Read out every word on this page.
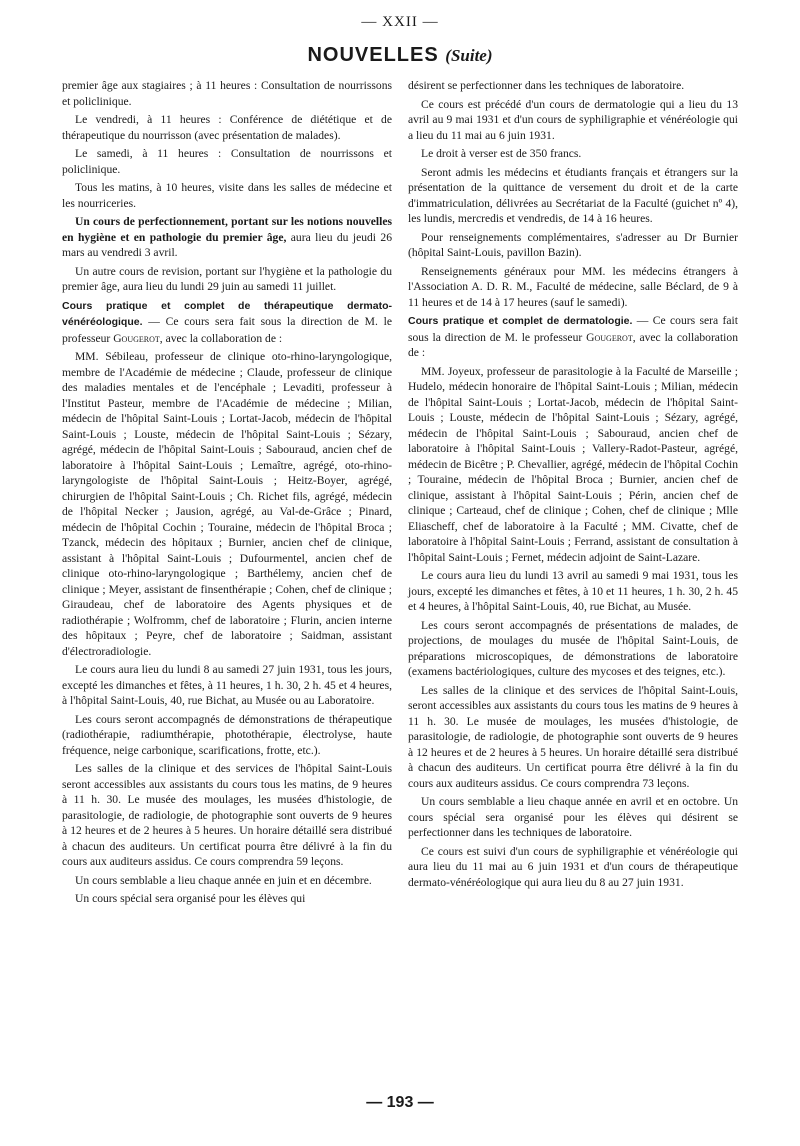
— XXII —
NOUVELLES (Suite)

premier âge aux stagiaires ; à 11 heures : Consultation de nourrissons et policlinique.

Le vendredi, à 11 heures : Conférence de diététique et de thérapeutique du nourrisson (avec présentation de malades).

Le samedi, à 11 heures : Consultation de nourrissons et policlinique.

Tous les matins, à 10 heures, visite dans les salles de médecine et les nourriceries.

Un cours de perfectionnement, portant sur les notions nouvelles en hygiène et en pathologie du premier âge, aura lieu du jeudi 26 mars au vendredi 3 avril.

Un autre cours de revision, portant sur l'hygiène et la pathologie du premier âge, aura lieu du lundi 29 juin au samedi 11 juillet.

Cours pratique et complet de thérapeutique dermato-vénéréologique. — Ce cours sera fait sous la direction de M. le professeur Gougerot, avec la collaboration de :

MM. Sébileau, professeur de clinique oto-rhino-laryngologique, membre de l'Académie de médecine ; Claude, professeur de clinique des maladies mentales et de l'encéphale ; Levaditi, professeur à l'Institut Pasteur, membre de l'Académie de médecine ; Milian, médecin de l'hôpital Saint-Louis ; Lortat-Jacob, médecin de l'hôpital Saint-Louis ; Louste, médecin de l'hôpital Saint-Louis ; Sézary, agrégé, médecin de l'hôpital Saint-Louis ; Sabouraud, ancien chef de laboratoire à l'hôpital Saint-Louis ; Lemaître, agrégé, oto-rhino-laryngologiste de l'hôpital Saint-Louis ; Heitz-Boyer, agrégé, chirurgien de l'hôpital Saint-Louis ; Ch. Richet fils, agrégé, médecin de l'hôpital Necker ; Jausion, agrégé, au Val-de-Grâce ; Pinard, médecin de l'hôpital Cochin ; Touraine, médecin de l'hôpital Broca ; Tzanck, médecin des hôpitaux ; Burnier, ancien chef de clinique, assistant à l'hôpital Saint-Louis ; Dufourmentel, ancien chef de clinique oto-rhino-laryngologique ; Barthélemy, ancien chef de clinique ; Meyer, assistant de finsenthérapie ; Cohen, chef de clinique ; Giraudeau, chef de laboratoire des Agents physiques et de radiothérapie ; Wolfromm, chef de laboratoire ; Flurin, ancien interne des hôpitaux ; Peyre, chef de laboratoire ; Saidman, assistant d'électroradiologie.

Le cours aura lieu du lundi 8 au samedi 27 juin 1931, tous les jours, excepté les dimanches et fêtes, à 11 heures, 1 h. 30, 2 h. 45 et 4 heures, à l'hôpital Saint-Louis, 40, rue Bichat, au Musée ou au Laboratoire.

Les cours seront accompagnés de démonstrations de thérapeutique (radiothérapie, radiumthérapie, photothérapie, électrolyse, haute fréquence, neige carbonique, scarifications, frotte, etc.).

Les salles de la clinique et des services de l'hôpital Saint-Louis seront accessibles aux assistants du cours tous les matins, de 9 heures à 11 h. 30. Le musée des moulages, les musées d'histologie, de parasitologie, de radiologie, de photographie sont ouverts de 9 heures à 12 heures et de 2 heures à 5 heures. Un horaire détaillé sera distribué à chacun des auditeurs. Un certificat pourra être délivré à la fin du cours aux auditeurs assidus. Ce cours comprendra 59 leçons.

Un cours semblable a lieu chaque année en juin et en décembre.

Un cours spécial sera organisé pour les élèves qui

désirent se perfectionner dans les techniques de laboratoire.

Ce cours est précédé d'un cours de dermatologie qui a lieu du 13 avril au 9 mai 1931 et d'un cours de syphiligraphie et vénéréologie qui a lieu du 11 mai au 6 juin 1931.

Le droit à verser est de 350 francs.

Seront admis les médecins et étudiants français et étrangers sur la présentation de la quittance de versement du droit et de la carte d'immatriculation, délivrées au Secrétariat de la Faculté (guichet nº 4), les lundis, mercredis et vendredis, de 14 à 16 heures.

Pour renseignements complémentaires, s'adresser au Dr Burnier (hôpital Saint-Louis, pavillon Bazin).

Renseignements généraux pour MM. les médecins étrangers à l'Association A. D. R. M., Faculté de médecine, salle Béclard, de 9 à 11 heures et de 14 à 17 heures (sauf le samedi).

Cours pratique et complet de dermatologie. — Ce cours sera fait sous la direction de M. le professeur Gougerot, avec la collaboration de :

MM. Joyeux, professeur de parasitologie à la Faculté de Marseille ; Hudelo, médecin honoraire de l'hôpital Saint-Louis ; Milian, médecin de l'hôpital Saint-Louis ; Lortat-Jacob, médecin de l'hôpital Saint-Louis ; Louste, médecin de l'hôpital Saint-Louis ; Sézary, agrégé, médecin de l'hôpital Saint-Louis ; Sabouraud, ancien chef de laboratoire à l'hôpital Saint-Louis ; Vallery-Radot-Pasteur, agrégé, médecin de Bicêtre ; P. Chevallier, agrégé, médecin de l'hôpital Cochin ; Touraine, médecin de l'hôpital Broca ; Burnier, ancien chef de clinique, assistant à l'hôpital Saint-Louis ; Périn, ancien chef de clinique ; Carteaud, chef de clinique ; Cohen, chef de clinique ; Mlle Eliascheff, chef de laboratoire à la Faculté ; MM. Civatte, chef de laboratoire à l'hôpital Saint-Louis ; Ferrand, assistant de consultation à l'hôpital Saint-Louis ; Fernet, médecin adjoint de Saint-Lazare.

Le cours aura lieu du lundi 13 avril au samedi 9 mai 1931, tous les jours, excepté les dimanches et fêtes, à 10 et 11 heures, 1 h. 30, 2 h. 45 et 4 heures, à l'hôpital Saint-Louis, 40, rue Bichat, au Musée.

Les cours seront accompagnés de présentations de malades, de projections, de moulages du musée de l'hôpital Saint-Louis, de préparations microscopiques, de démonstrations de laboratoire (examens bactériologiques, culture des mycoses et des teignes, etc.).

Les salles de la clinique et des services de l'hôpital Saint-Louis, seront accessibles aux assistants du cours tous les matins de 9 heures à 11 h. 30. Le musée de moulages, les musées d'histologie, de parasitologie, de radiologie, de photographie sont ouverts de 9 heures à 12 heures et de 2 heures à 5 heures. Un horaire détaillé sera distribué à chacun des auditeurs. Un certificat pourra être délivré à la fin du cours aux auditeurs assidus. Ce cours comprendra 73 leçons.

Un cours semblable a lieu chaque année en avril et en octobre. Un cours spécial sera organisé pour les élèves qui désirent se perfectionner dans les techniques de laboratoire.

Ce cours est suivi d'un cours de syphiligraphie et vénéréologie qui aura lieu du 11 mai au 6 juin 1931 et d'un cours de thérapeutique dermato-vénéréologique qui aura lieu du 8 au 27 juin 1931.

— 193 —
